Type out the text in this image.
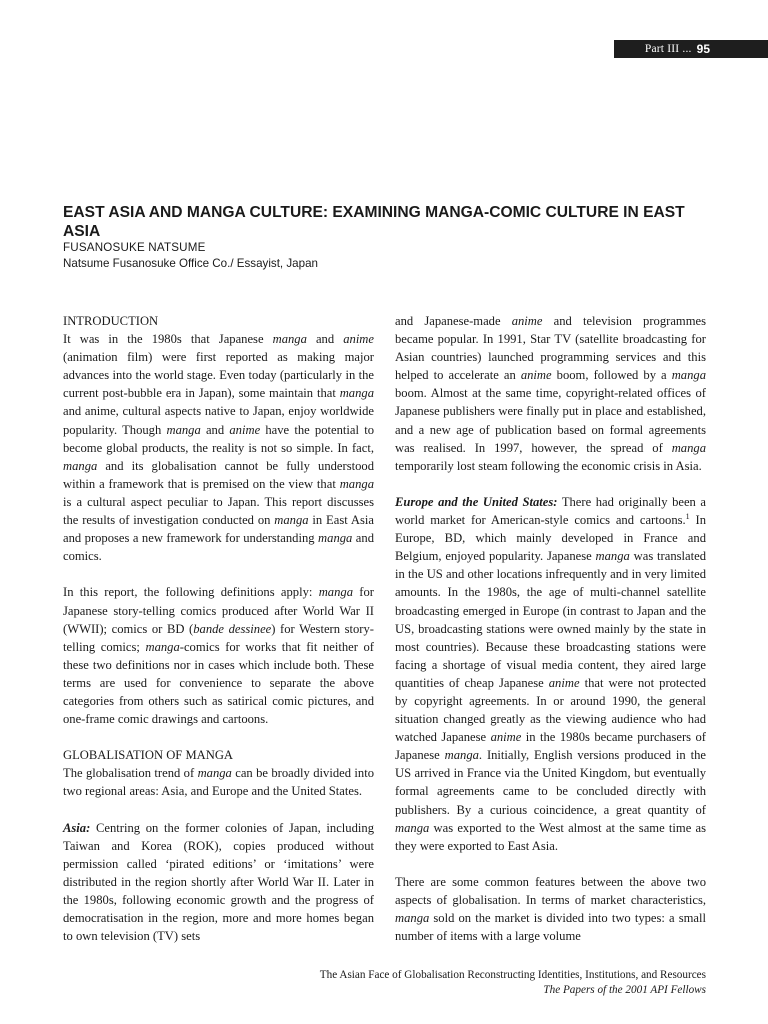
Part III ... 95
EAST ASIA AND MANGA CULTURE: EXAMINING MANGA-COMIC CULTURE IN EAST ASIA
FUSANOSUKE NATSUME
Natsume Fusanosuke Office Co./ Essayist, Japan

INTRODUCTION

It was in the 1980s that Japanese manga and anime (animation film) were first reported as making major advances into the world stage. Even today (particularly in the current post-bubble era in Japan), some maintain that manga and anime, cultural aspects native to Japan, enjoy worldwide popularity. Though manga and anime have the potential to become global products, the reality is not so simple. In fact, manga and its globalisation cannot be fully understood within a framework that is premised on the view that manga is a cultural aspect peculiar to Japan. This report discusses the results of investigation conducted on manga in East Asia and proposes a new framework for understanding manga and comics.

In this report, the following definitions apply: manga for Japanese story-telling comics produced after World War II (WWII); comics or BD (bande dessinee) for Western story-telling comics; manga-comics for works that fit neither of these two definitions nor in cases which include both. These terms are used for convenience to separate the above categories from others such as satirical comic pictures, and one-frame comic drawings and cartoons.

GLOBALISATION OF MANGA

The globalisation trend of manga can be broadly divided into two regional areas: Asia, and Europe and the United States.

Asia: Centring on the former colonies of Japan, including Taiwan and Korea (ROK), copies produced without permission called ‘pirated editions’ or ‘imitations’ were distributed in the region shortly after World War II. Later in the 1980s, following economic growth and the progress of democratisation in the region, more and more homes began to own television (TV) sets

and Japanese-made anime and television programmes became popular. In 1991, Star TV (satellite broadcasting for Asian countries) launched programming services and this helped to accelerate an anime boom, followed by a manga boom. Almost at the same time, copyright-related offices of Japanese publishers were finally put in place and established, and a new age of publication based on formal agreements was realised. In 1997, however, the spread of manga temporarily lost steam following the economic crisis in Asia.

Europe and the United States: There had originally been a world market for American-style comics and cartoons.$^1$ In Europe, BD, which mainly developed in France and Belgium, enjoyed popularity. Japanese manga was translated in the US and other locations infrequently and in very limited amounts. In the 1980s, the age of multi-channel satellite broadcasting emerged in Europe (in contrast to Japan and the US, broadcasting stations were owned mainly by the state in most countries). Because these broadcasting stations were facing a shortage of visual media content, they aired large quantities of cheap Japanese anime that were not protected by copyright agreements. In or around 1990, the general situation changed greatly as the viewing audience who had watched Japanese anime in the 1980s became purchasers of Japanese manga. Initially, English versions produced in the US arrived in France via the United Kingdom, but eventually formal agreements came to be concluded directly with publishers. By a curious coincidence, a great quantity of manga was exported to the West almost at the same time as they were exported to East Asia.

There are some common features between the above two aspects of globalisation. In terms of market characteristics, manga sold on the market is divided into two types: a small number of items with a large volume

The Asian Face of Globalisation Reconstructing Identities, Institutions, and Resources
The Papers of the 2001 API Fellows
